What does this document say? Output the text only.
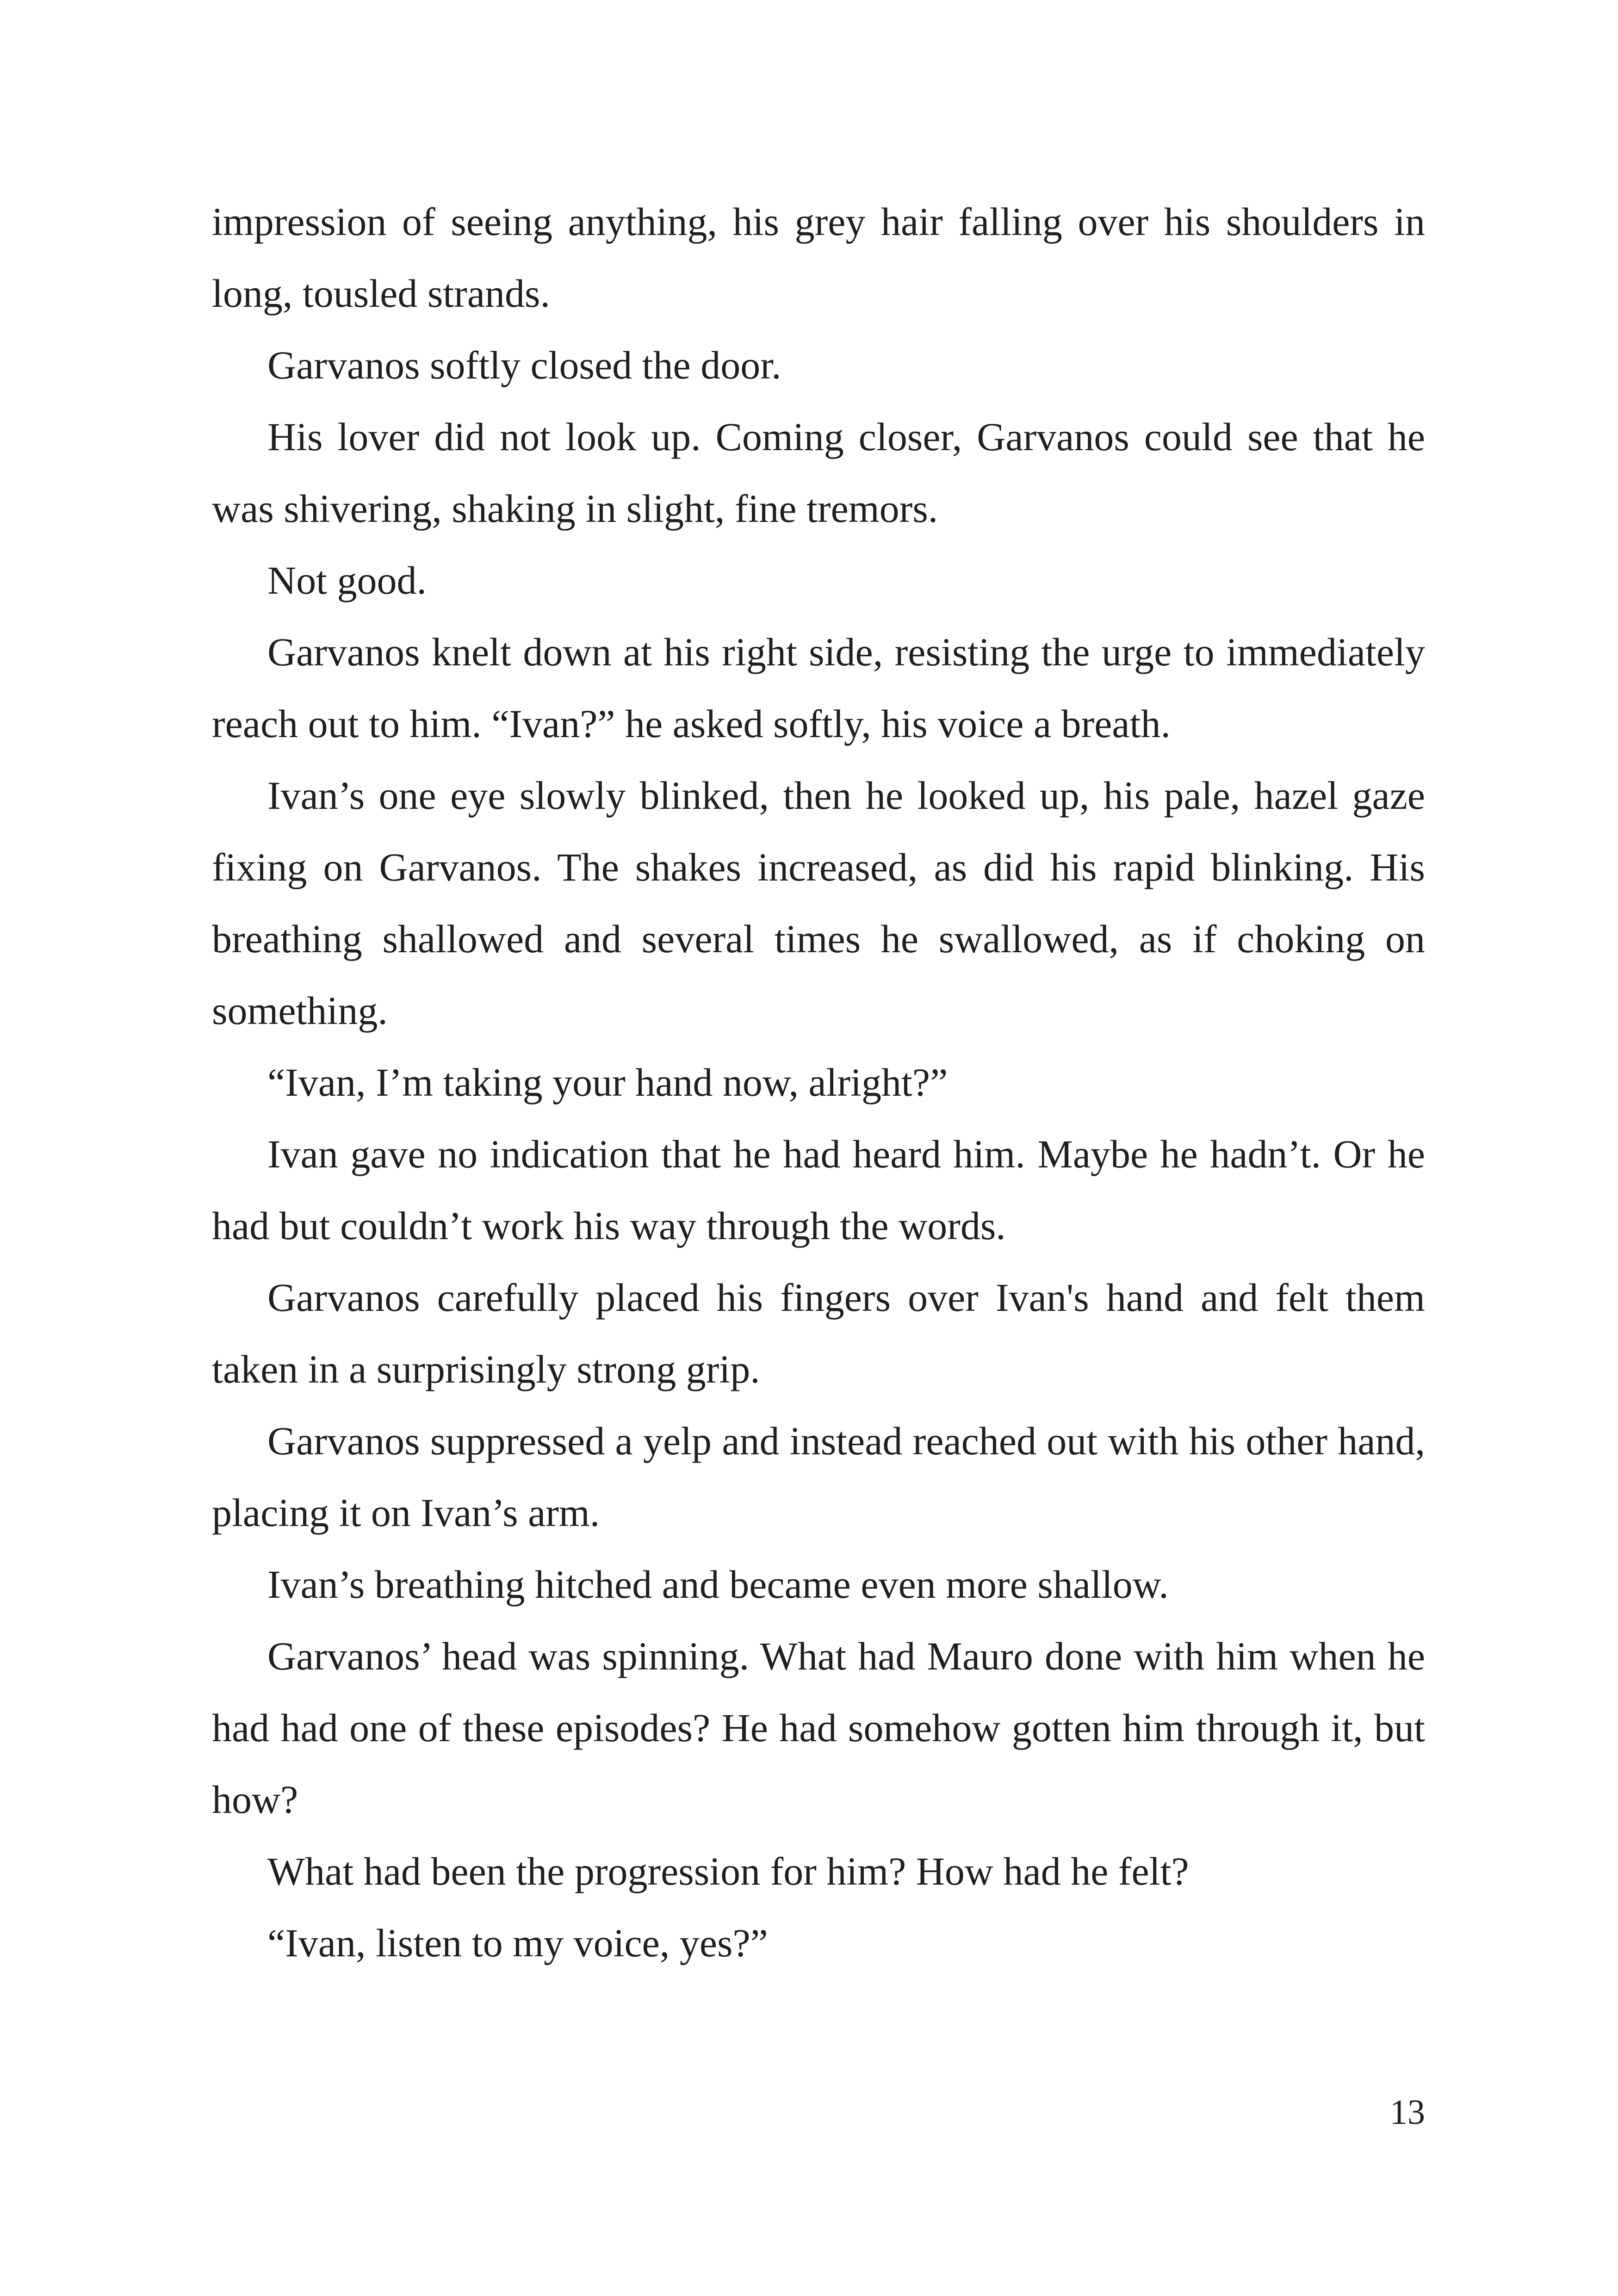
impression of seeing anything, his grey hair falling over his shoulders in long, tousled strands.

Garvanos softly closed the door.

His lover did not look up. Coming closer, Garvanos could see that he was shivering, shaking in slight, fine tremors.

Not good.

Garvanos knelt down at his right side, resisting the urge to immediately reach out to him. “Ivan?” he asked softly, his voice a breath.

Ivan’s one eye slowly blinked, then he looked up, his pale, hazel gaze fixing on Garvanos. The shakes increased, as did his rapid blinking. His breathing shallowed and several times he swallowed, as if choking on something.

“Ivan, I’m taking your hand now, alright?”

Ivan gave no indication that he had heard him. Maybe he hadn’t. Or he had but couldn’t work his way through the words.

Garvanos carefully placed his fingers over Ivan's hand and felt them taken in a surprisingly strong grip.

Garvanos suppressed a yelp and instead reached out with his other hand, placing it on Ivan’s arm.

Ivan’s breathing hitched and became even more shallow.

Garvanos’ head was spinning. What had Mauro done with him when he had had one of these episodes? He had somehow gotten him through it, but how?

What had been the progression for him? How had he felt?

“Ivan, listen to my voice, yes?”

13
